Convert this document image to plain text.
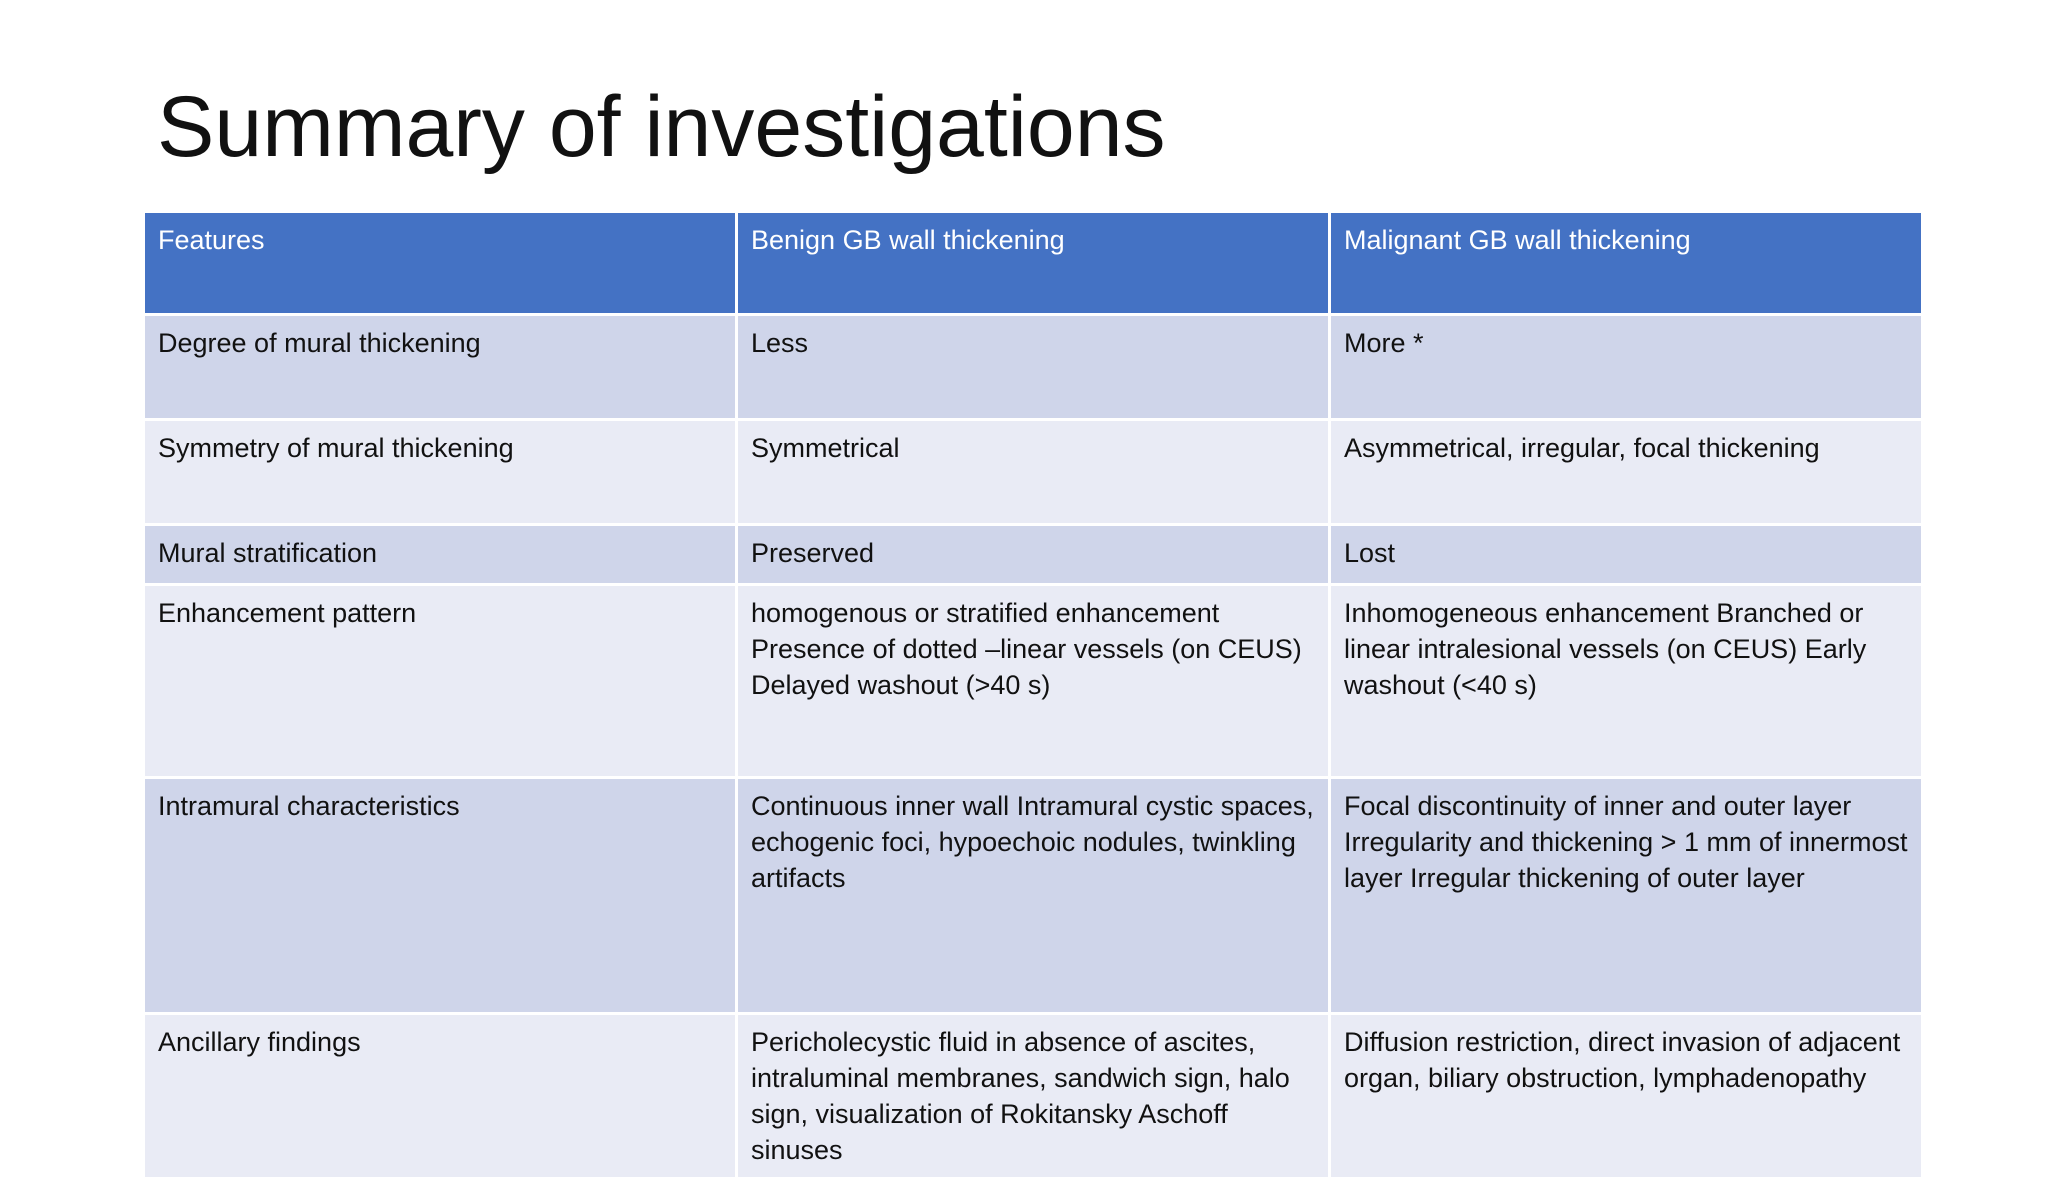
Summary of investigations
Features	Benign GB wall thickening	Malignant GB wall thickening
Degree of mural thickening	Less	More *
Symmetry of mural thickening	Symmetrical	Asymmetrical, irregular, focal thickening
Mural stratification	Preserved	Lost
Enhancement pattern	homogenous or stratified enhancement Presence of dotted –linear vessels (on CEUS) Delayed washout (>40 s)	Inhomogeneous enhancement Branched or linear intralesional vessels (on CEUS) Early washout (<40 s)
Intramural characteristics	Continuous inner wall Intramural cystic spaces, echogenic foci, hypoechoic nodules, twinkling artifacts	Focal discontinuity of inner and outer layer Irregularity and thickening > 1 mm of innermost layer Irregular thickening of outer layer
Ancillary findings	Pericholecystic fluid in absence of ascites, intraluminal membranes, sandwich sign, halo sign, visualization of Rokitansky Aschoff sinuses	Diffusion restriction, direct invasion of adjacent organ, biliary obstruction, lymphadenopathy
